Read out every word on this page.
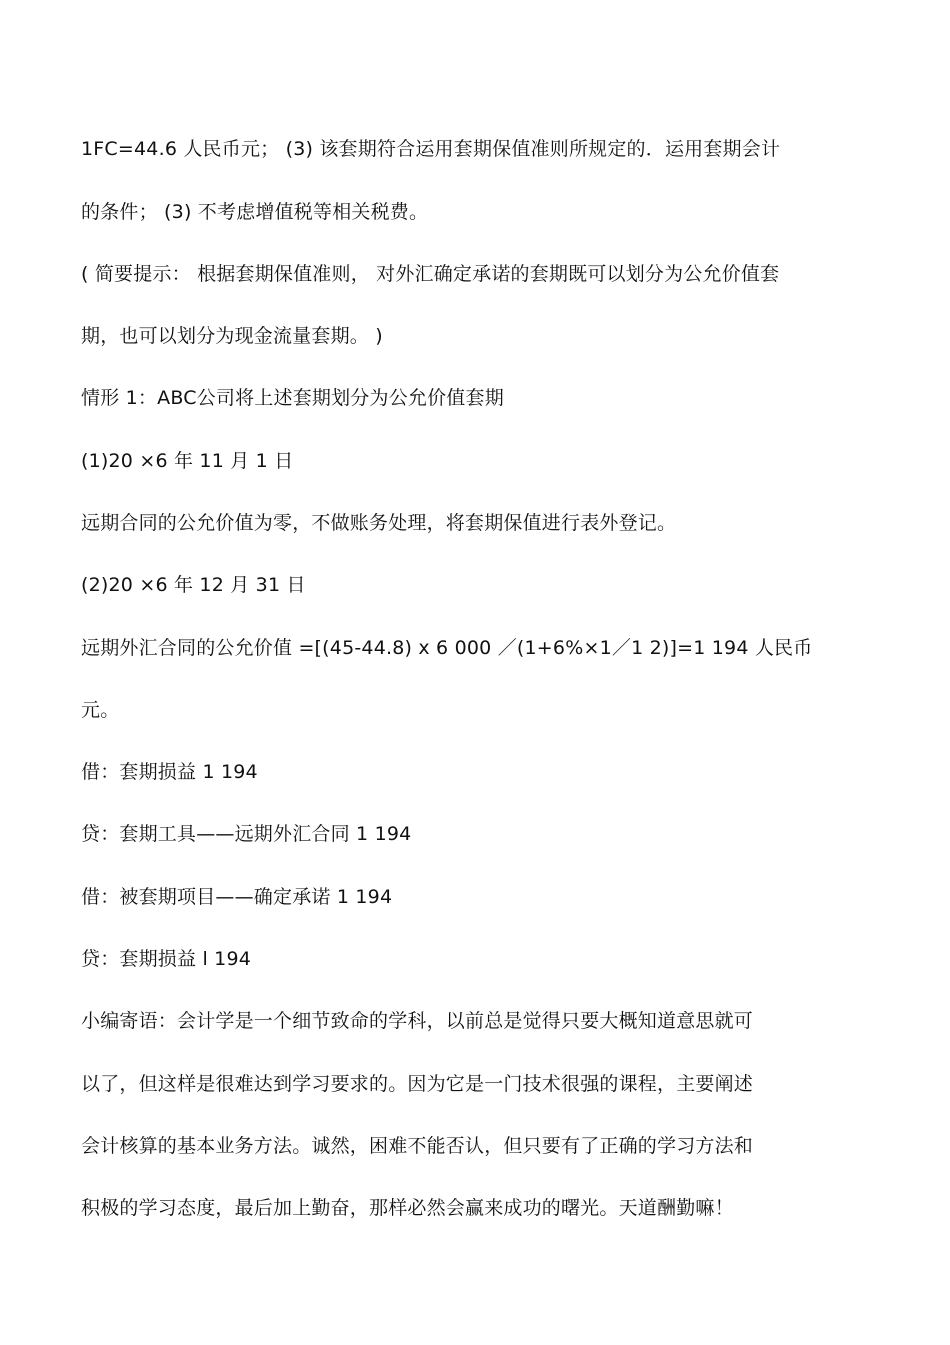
1FC=44.6 人民币元； (3) 该套期符合运用套期保值准则所规定的．运用套期会计
的条件； (3) 不考虑增值税等相关税费。
( 简要提示： 根据套期保值准则， 对外汇确定承诺的套期既可以划分为公允价值套
期，也可以划分为现金流量套期。 )
情形 1：ABC公司将上述套期划分为公允价值套期
(1)20 ×6 年 11 月 1 日
远期合同的公允价值为零，不做账务处理，将套期保值进行表外登记。
(2)20 ×6 年 12 月 31 日
远期外汇合同的公允价值 =[(45-44.8) x 6 000 ／(1+6%×1／1 2)]=1 194 人民币
元。
借：套期损益 1 194
贷：套期工具——远期外汇合同 1 194
借：被套期项目——确定承诺 1 194
贷：套期损益 l 194
小编寄语：会计学是一个细节致命的学科，以前总是觉得只要大概知道意思就可
以了，但这样是很难达到学习要求的。因为它是一门技术很强的课程，主要阐述
会计核算的基本业务方法。诚然，困难不能否认，但只要有了正确的学习方法和
积极的学习态度，最后加上勤奋，那样必然会赢来成功的曙光。天道酬勤嘛！
